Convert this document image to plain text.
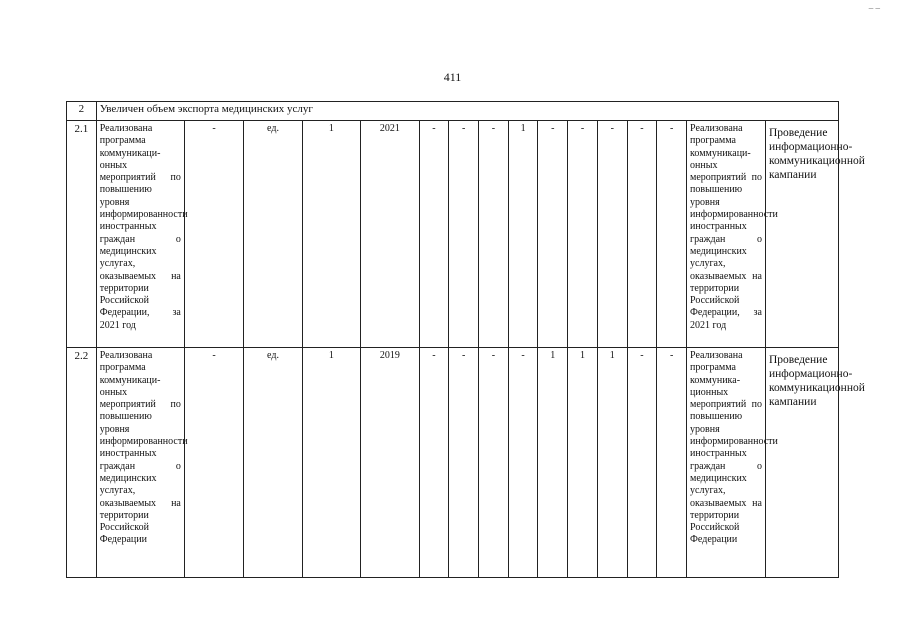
_ _
411
2	Увеличен объем экспорта медицинских услуг															
2.1	Реализована программа коммуникаци-онных мероприятий по повышению уровня информированности иностранных граждан о медицинских услугах, оказываемых на территории Российской Федерации, за 2021 год	-	ед.	1	2021	-	-	-	1	-	-	-	-	-	Реализована программа коммуникаци-онных мероприятий по повышению уровня информированности иностранных граждан о медицинских услугах, оказываемых на территории Российской Федерации, за 2021 год	Проведение информационно-коммуникационной кампании
2.2	Реализована программа коммуникаци-онных мероприятий по повышению уровня информированности иностранных граждан о медицинских услугах, оказываемых на территории Российской Федерации	-	ед.	1	2019	-	-	-	-	1	1	1	-	-	Реализована программа коммуника-ционных мероприятий по повышению уровня информированности иностранных граждан о медицинских услугах, оказываемых на территории Российской Федерации	Проведение информационно-коммуникационной кампании
